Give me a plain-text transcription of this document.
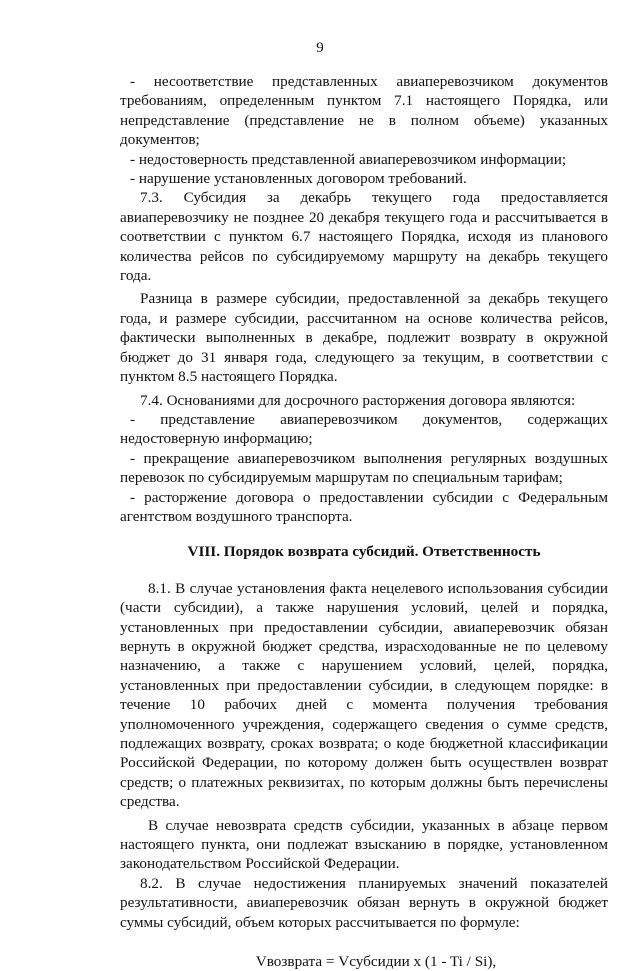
9

- несоответствие представленных авиаперевозчиком документов требованиям, определенным пунктом 7.1 настоящего Порядка, или непредставление (представление не в полном объеме) указанных документов;

- недостоверность представленной авиаперевозчиком информации;

- нарушение установленных договором требований.

7.3. Субсидия за декабрь текущего года предоставляется авиаперевозчику не позднее 20 декабря текущего года и рассчитывается в соответствии с пунктом 6.7 настоящего Порядка, исходя из планового количества рейсов по субсидируемому маршруту на декабрь текущего года.

Разница в размере субсидии, предоставленной за декабрь текущего года, и размере субсидии, рассчитанном на основе количества рейсов, фактически выполненных в декабре, подлежит возврату в окружной бюджет до 31 января года, следующего за текущим, в соответствии с пунктом 8.5 настоящего Порядка.

7.4. Основаниями для досрочного расторжения договора являются:

- представление авиаперевозчиком документов, содержащих недостоверную информацию;

- прекращение авиаперевозчиком выполнения регулярных воздушных перевозок по субсидируемым маршрутам по специальным тарифам;

- расторжение договора о предоставлении субсидии с Федеральным агентством воздушного транспорта.

VIII. Порядок возврата субсидий. Ответственность

8.1. В случае установления факта нецелевого использования субсидии (части субсидии), а также нарушения условий, целей и порядка, установленных при предоставлении субсидии, авиаперевозчик обязан вернуть в окружной бюджет средства, израсходованные не по целевому назначению, а также с нарушением условий, целей, порядка, установленных при предоставлении субсидии, в следующем порядке: в течение 10 рабочих дней с момента получения требования уполномоченного учреждения, содержащего сведения о сумме средств, подлежащих возврату, сроках возврата; о коде бюджетной классификации Российской Федерации, по которому должен быть осуществлен возврат средств; о платежных реквизитах, по которым должны быть перечислены средства.

В случае невозврата средств субсидии, указанных в абзаце первом настоящего пункта, они подлежат взысканию в порядке, установленном законодательством Российской Федерации.

8.2. В случае недостижения планируемых значений показателей результативности, авиаперевозчик обязан вернуть в окружной бюджет суммы субсидий, объем которых рассчитывается по формуле:

Vвозврата = Vсубсидии x (1 - Ti / Si),
